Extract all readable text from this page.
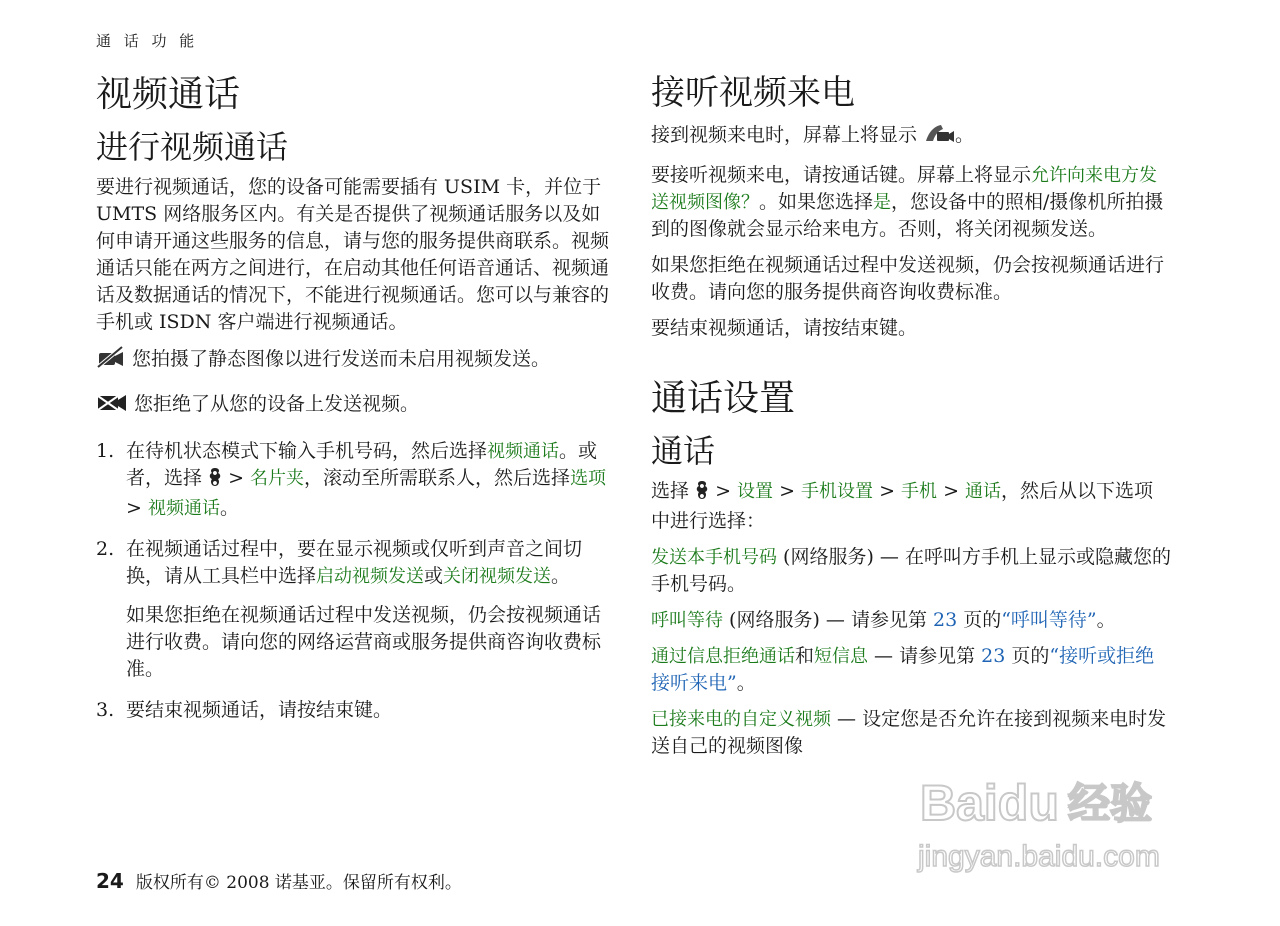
通 话 功 能
视频通话
进行视频通话

要进行视频通话，您的设备可能需要插有 USIM 卡，并位于 UMTS 网络服务区内。有关是否提供了视频通话服务以及如何申请开通这些服务的信息，请与您的服务提供商联系。视频通话只能在两方之间进行，在启动其他任何语音通话、视频通话及数据通话的情况下，不能进行视频通话。您可以与兼容的手机或 ISDN 客户端进行视频通话。

您拍摄了静态图像以进行发送而未启用视频发送。

您拒绝了从您的设备上发送视频。

1. 在待机状态模式下输入手机号码，然后选择视频通话。或者，选择  > 名片夹，滚动至所需联系人，然后选择选项 > 视频通话。
2. 在视频通话过程中，要在显示视频或仅听到声音之间切换，请从工具栏中选择启动视频发送或关闭视频发送。

如果您拒绝在视频通话过程中发送视频，仍会按视频通话进行收费。请向您的网络运营商或服务提供商咨询收费标准。

3. 要结束视频通话，请按结束键。
接听视频来电

接到视频来电时，屏幕上将显示 。

要接听视频来电，请按通话键。屏幕上将显示允许向来电方发送视频图像？。如果您选择是，您设备中的照相/摄像机所拍摄到的图像就会显示给来电方。否则，将关闭视频发送。

如果您拒绝在视频通话过程中发送视频，仍会按视频通话进行收费。请向您的服务提供商咨询收费标准。

要结束视频通话，请按结束键。

通话设置
通话

选择  > 设置 > 手机设置 > 手机 > 通话，然后从以下选项中进行选择：

发送本手机号码 (网络服务) — 在呼叫方手机上显示或隐藏您的手机号码。

呼叫等待 (网络服务) — 请参见第 23 页的“呼叫等待”。

通过信息拒绝通话和短信息 — 请参见第 23 页的“接听或拒绝接听来电”。

已接来电的自定义视频 — 设定您是否允许在接到视频来电时发送自己的视频图像

24 版权所有© 2008 诺基亚。保留所有权利。
Baidu 经验
jingyan.baidu.com
